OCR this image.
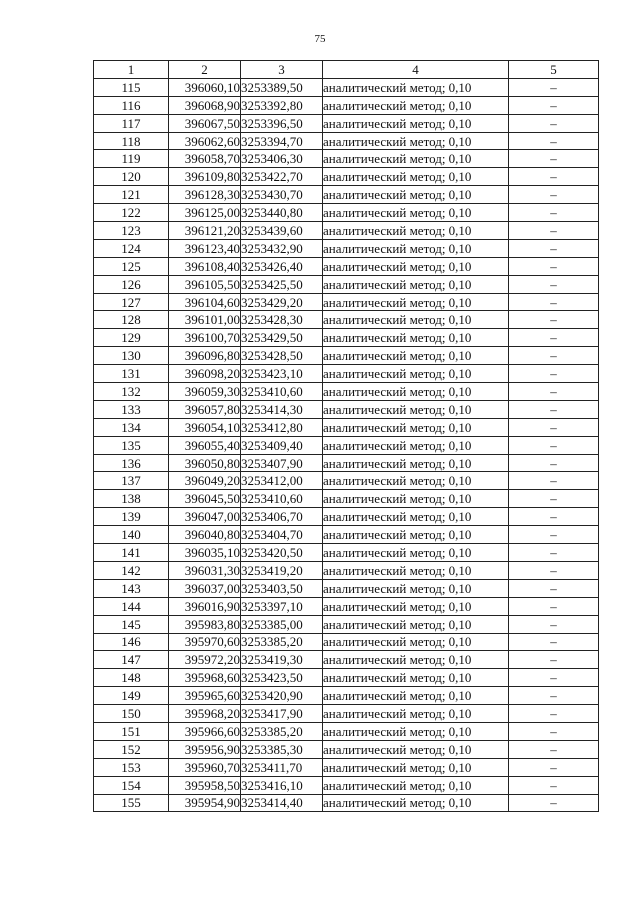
75
1	2	3	4	5
115	396060,10	3253389,50	аналитический метод; 0,10	–
116	396068,90	3253392,80	аналитический метод; 0,10	–
117	396067,50	3253396,50	аналитический метод; 0,10	–
118	396062,60	3253394,70	аналитический метод; 0,10	–
119	396058,70	3253406,30	аналитический метод; 0,10	–
120	396109,80	3253422,70	аналитический метод; 0,10	–
121	396128,30	3253430,70	аналитический метод; 0,10	–
122	396125,00	3253440,80	аналитический метод; 0,10	–
123	396121,20	3253439,60	аналитический метод; 0,10	–
124	396123,40	3253432,90	аналитический метод; 0,10	–
125	396108,40	3253426,40	аналитический метод; 0,10	–
126	396105,50	3253425,50	аналитический метод; 0,10	–
127	396104,60	3253429,20	аналитический метод; 0,10	–
128	396101,00	3253428,30	аналитический метод; 0,10	–
129	396100,70	3253429,50	аналитический метод; 0,10	–
130	396096,80	3253428,50	аналитический метод; 0,10	–
131	396098,20	3253423,10	аналитический метод; 0,10	–
132	396059,30	3253410,60	аналитический метод; 0,10	–
133	396057,80	3253414,30	аналитический метод; 0,10	–
134	396054,10	3253412,80	аналитический метод; 0,10	–
135	396055,40	3253409,40	аналитический метод; 0,10	–
136	396050,80	3253407,90	аналитический метод; 0,10	–
137	396049,20	3253412,00	аналитический метод; 0,10	–
138	396045,50	3253410,60	аналитический метод; 0,10	–
139	396047,00	3253406,70	аналитический метод; 0,10	–
140	396040,80	3253404,70	аналитический метод; 0,10	–
141	396035,10	3253420,50	аналитический метод; 0,10	–
142	396031,30	3253419,20	аналитический метод; 0,10	–
143	396037,00	3253403,50	аналитический метод; 0,10	–
144	396016,90	3253397,10	аналитический метод; 0,10	–
145	395983,80	3253385,00	аналитический метод; 0,10	–
146	395970,60	3253385,20	аналитический метод; 0,10	–
147	395972,20	3253419,30	аналитический метод; 0,10	–
148	395968,60	3253423,50	аналитический метод; 0,10	–
149	395965,60	3253420,90	аналитический метод; 0,10	–
150	395968,20	3253417,90	аналитический метод; 0,10	–
151	395966,60	3253385,20	аналитический метод; 0,10	–
152	395956,90	3253385,30	аналитический метод; 0,10	–
153	395960,70	3253411,70	аналитический метод; 0,10	–
154	395958,50	3253416,10	аналитический метод; 0,10	–
155	395954,90	3253414,40	аналитический метод; 0,10	–
